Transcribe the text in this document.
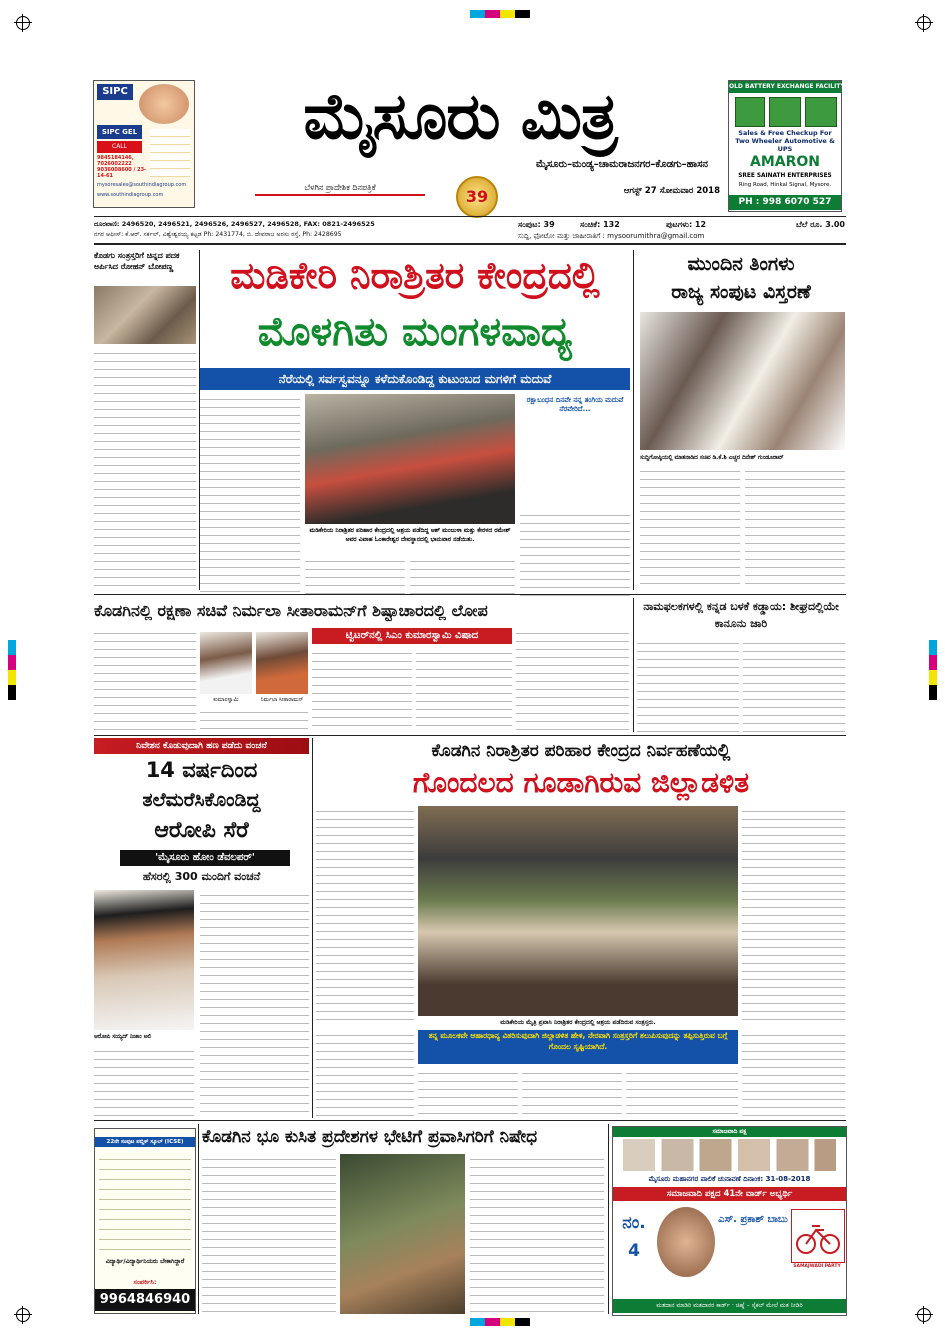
SIPC
SIPC GEL
CALL
9845184146, 7026002222 9036008600 / 23-14-61
mysoresales@southindiagroup.com
www.southindiagroup.com
ಮೈಸೂರು ಮಿತ್ರ
ಮೈಸೂರು–ಮಂಡ್ಯ–ಚಾಮರಾಜನಗರ–ಕೊಡಗು–ಹಾಸನ
ಬೆಳಗಿನ ಪ್ರಾದೇಶಿಕ ದಿನಪತ್ರಿಕೆ	39	ಆಗಸ್ಟ್ 27 ಸೋಮವಾರ 2018
OLD BATTERY EXCHANGE FACILITY
Sales & Free Checkup For Two Wheeler Automotive & UPS
AMARON
SREE SAINATH ENTERPRISES
Ring Road, Hinkal Signal, Mysore.
PH : 998 6070 527
ದೂರವಾಣಿ: 2496520, 2496521, 2496526, 2496527, 2496528, FAX: 0821-2496525
ನಗರ ಆಫೀಸ್: ಕೆ.ಆರ್. ಸರ್ಕಲ್, ವಿಶ್ವೇಶ್ವರಯ್ಯ ಕಟ್ಟಡ Ph: 2431774, ಬಿ. ದೇವರಾಜ ಅರಸು ರಸ್ತೆ, Ph: 2428695
ಸಂಪುಟ: 39	ಸಂಚಿಕೆ: 132	ಪುಟಗಳು: 12	ಬೆಲೆ ರೂ. 3.00
ಸುದ್ದಿ, ಫೋಟೋ ಮತ್ತು ಜಾಹೀರಾತಿಗೆ : mysoorumithra@gmail.com
ಕೊಡಗು ಸಂತ್ರಸ್ತರಿಗೆ ಚಿನ್ನದ ಪದಕ ಅರ್ಪಿಸಿದ ರೋಹನ್ ಬೋಪಣ್ಣ	ಮಡಿಕೇರಿ ನಿರಾಶ್ರಿತರ ಕೇಂದ್ರದಲ್ಲಿ
ಮೊಳಗಿತು ಮಂಗಳವಾದ್ಯ
ನೆರೆಯಲ್ಲಿ ಸರ್ವಸ್ವವನ್ನೂ ಕಳೆದುಕೊಂಡಿದ್ದ ಕುಟುಂಬದ ಮಗಳಿಗೆ ಮದುವೆ
ಮಡಿಕೇರಿಯ ನಿರಾಶ್ರಿತರ ಪರಿಹಾರ ಕೇಂದ್ರದಲ್ಲಿ ಆಶ್ರಯ ಪಡೆದಿದ್ದ ಆಶ್ ಮಂಜುಳಾ ಮತ್ತು ಕೇರಳದ ರಮೇಶ್ ಅವರ ವಿವಾಹ ಓಂಕಾರೇಶ್ವರ ದೇವಸ್ಥಾನದಲ್ಲಿ ಭಾನುವಾರ ನಡೆಯಿತು.
ರಕ್ಷಾಬಂಧನ ದಿನವೇ ನನ್ನ ತಂಗಿಯ ಮದುವೆ ನೆರವೇರಿದೆ...
ಮುಂದಿನ ತಿಂಗಳು
ರಾಜ್ಯ ಸಂಪುಟ ವಿಸ್ತರಣೆ
ಸುದ್ದಿಗೋಷ್ಠಿಯಲ್ಲಿ ಮಾತನಾಡಿದ ಸಚಿವ ಡಿ.ಕೆ.ಶಿ ಎಚ್ಚರ ದಿನೇಶ್ ಗುಂಡೂರಾವ್
ಕೊಡಗಿನಲ್ಲಿ ರಕ್ಷಣಾ ಸಚಿವೆ ನಿರ್ಮಲಾ ಸೀತಾರಾಮನ್‌ಗೆ ಶಿಷ್ಟಾಚಾರದಲ್ಲಿ ಲೋಪ
ಕುಮಾರಸ್ವಾಮಿ	ನಿರ್ಮಲಾ ಸೀತಾರಾಮನ್
ಟ್ವಿಟರ್‌ನಲ್ಲಿ ಸಿಎಂ ಕುಮಾರಸ್ವಾಮಿ ವಿಷಾದ
ನಾಮಫಲಕಗಳಲ್ಲಿ ಕನ್ನಡ ಬಳಕೆ ಕಡ್ಡಾಯ: ಶೀಘ್ರದಲ್ಲಿಯೇ ಕಾನೂನು ಜಾರಿ
ನಿವೇಶನ ಕೊಡುವುದಾಗಿ ಹಣ ಪಡೆದು ವಂಚನೆ
14 ವರ್ಷದಿಂದ
ತಲೆಮರೆಸಿಕೊಂಡಿದ್ದ
ಆರೋಪಿ ಸೆರೆ
'ಮೈಸೂರು ಹೋಂ ಡೆವಲಪರ್'
ಹೆಸರಲ್ಲಿ 300 ಮಂದಿಗೆ ವಂಚನೆ
ಆರೋಪಿ ಸಯ್ಯದ್ ನಿಜಾಂ ಅಲಿ
ಕೊಡಗಿನ ನಿರಾಶ್ರಿತರ ಪರಿಹಾರ ಕೇಂದ್ರದ ನಿರ್ವಹಣೆಯಲ್ಲಿ
ಗೊಂದಲದ ಗೂಡಾಗಿರುವ ಜಿಲ್ಲಾಡಳಿತ
ಮಡಿಕೇರಿಯ ಮೈತ್ರಿ ಪ್ರವಾಸಿ ನಿರಾಶ್ರಿತರ ಕೇಂದ್ರದಲ್ಲಿ ಆಶ್ರಯ ಪಡೆದಿರುವ ಸಂತ್ರಸ್ತರು.
ತನ್ನ ಮೂಲಕವೇ ಆಹಾರಧಾನ್ಯ ವಿತರಿಸುವುದಾಗಿ ಜಿಲ್ಲಾಡಳಿತ ಹೇಳಿ, ನೇರವಾಗಿ ಸಂತ್ರಸ್ತರಿಗೆ ತಲುಪಿಸುವುದನ್ನು ತಪ್ಪಿಸುತ್ತಿರುವ ಬಗ್ಗೆ ಗೊಂದಲ ಸೃಷ್ಟಿಯಾಗಿದೆ.
22ನೇ ಸಂಪುಟ ಪಬ್ಲಿಕ್ ಸ್ಕೂಲ್ (ICSE)
ವಿದ್ಯಾರ್ಥಿ/ವಿದ್ಯಾರ್ಥಿನಿಯರು ಬೇಕಾಗಿದ್ದಾರೆ
ಸಂಪರ್ಕಿಸಿ:
9964846940
ಕೊಡಗಿನ ಭೂ ಕುಸಿತ ಪ್ರದೇಶಗಳ ಭೇಟಿಗೆ ಪ್ರವಾಸಿಗರಿಗೆ ನಿಷೇಧ	ಸಮಾಜವಾದಿ ಪಕ್ಷ
ಮೈಸೂರು ಮಹಾನಗರ ಪಾಲಿಕೆ ಚುನಾವಣೆ ದಿನಾಂಕ: 31-08-2018
ಸಮಾಜವಾದಿ ಪಕ್ಷದ 41ನೇ ವಾರ್ಡ್ ಅಭ್ಯರ್ಥಿ
ನಂ. 4
ಎಸ್. ಪ್ರಕಾಶ್ ಬಾಬು
SAMAJWADI PARTY
ಮತದಾನ ಮಾಡಿರಿ ಮತದಾರರ ಕಾರ್ಡ್ · ಚಿಹ್ನೆ – ಸೈಕಲ್ ಮೇಲೆ ಮತ ನೀಡಿರಿ
